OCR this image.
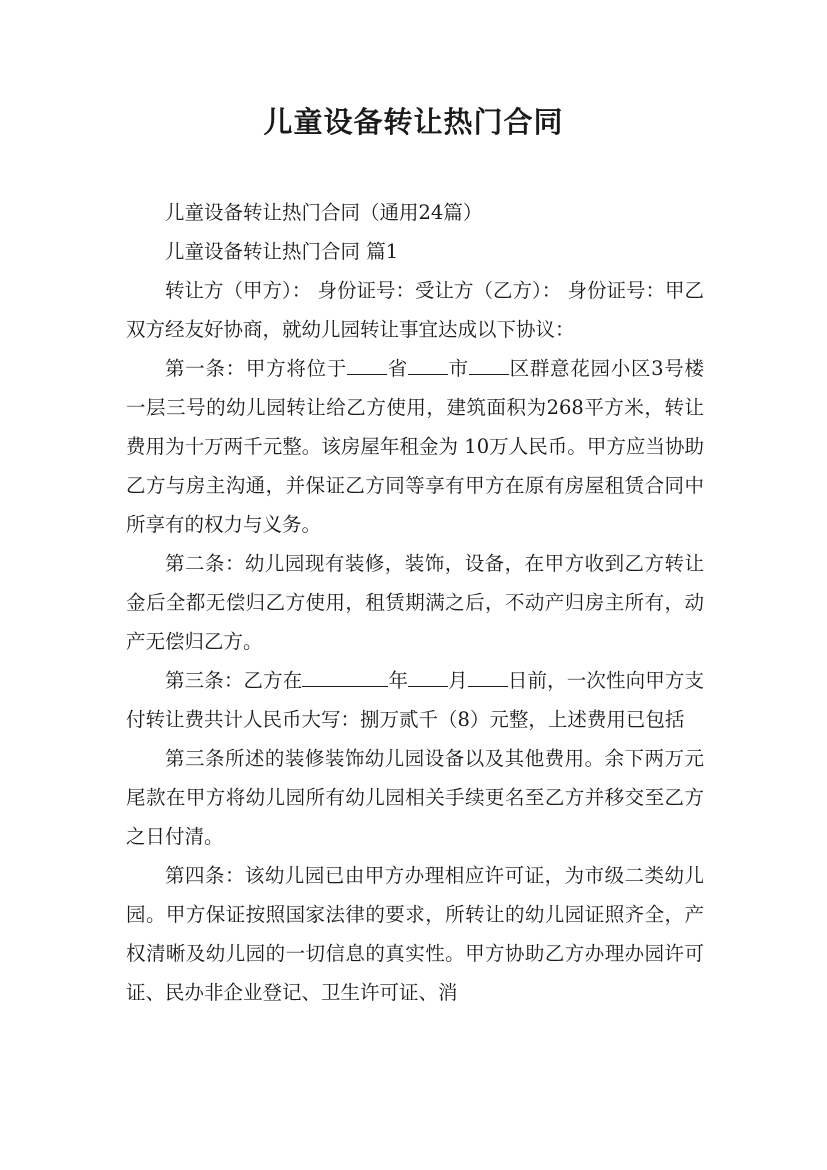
儿童设备转让热门合同

儿童设备转让热门合同（通用24篇）

儿童设备转让热门合同 篇1

转让方（甲方）： 身份证号：受让方（乙方）： 身份证号：甲乙双方经友好协商，就幼儿园转让事宜达成以下协议：

第一条：甲方将位于 省 市 区群意花园小区3号楼一层三号的幼儿园转让给乙方使用，建筑面积为268平方米，转让费用为十万两千元整。该房屋年租金为 10万人民币。甲方应当协助乙方与房主沟通，并保证乙方同等享有甲方在原有房屋租赁合同中所享有的权力与义务。

第二条：幼儿园现有装修，装饰，设备，在甲方收到乙方转让金后全都无偿归乙方使用，租赁期满之后，不动产归房主所有，动产无偿归乙方。

第三条：乙方在	年 月 日前，一次性向甲方支付转让费共计人民币大写：捌万贰千（8）元整，上述费用已包括

第三条所述的装修装饰幼儿园设备以及其他费用。余下两万元尾款在甲方将幼儿园所有幼儿园相关手续更名至乙方并移交至乙方之日付清。

第四条：该幼儿园已由甲方办理相应许可证，为市级二类幼儿园。甲方保证按照国家法律的要求，所转让的幼儿园证照齐全，产权清晰及幼儿园的一切信息的真实性。甲方协助乙方办理办园许可证、民办非企业登记、卫生许可证、消
